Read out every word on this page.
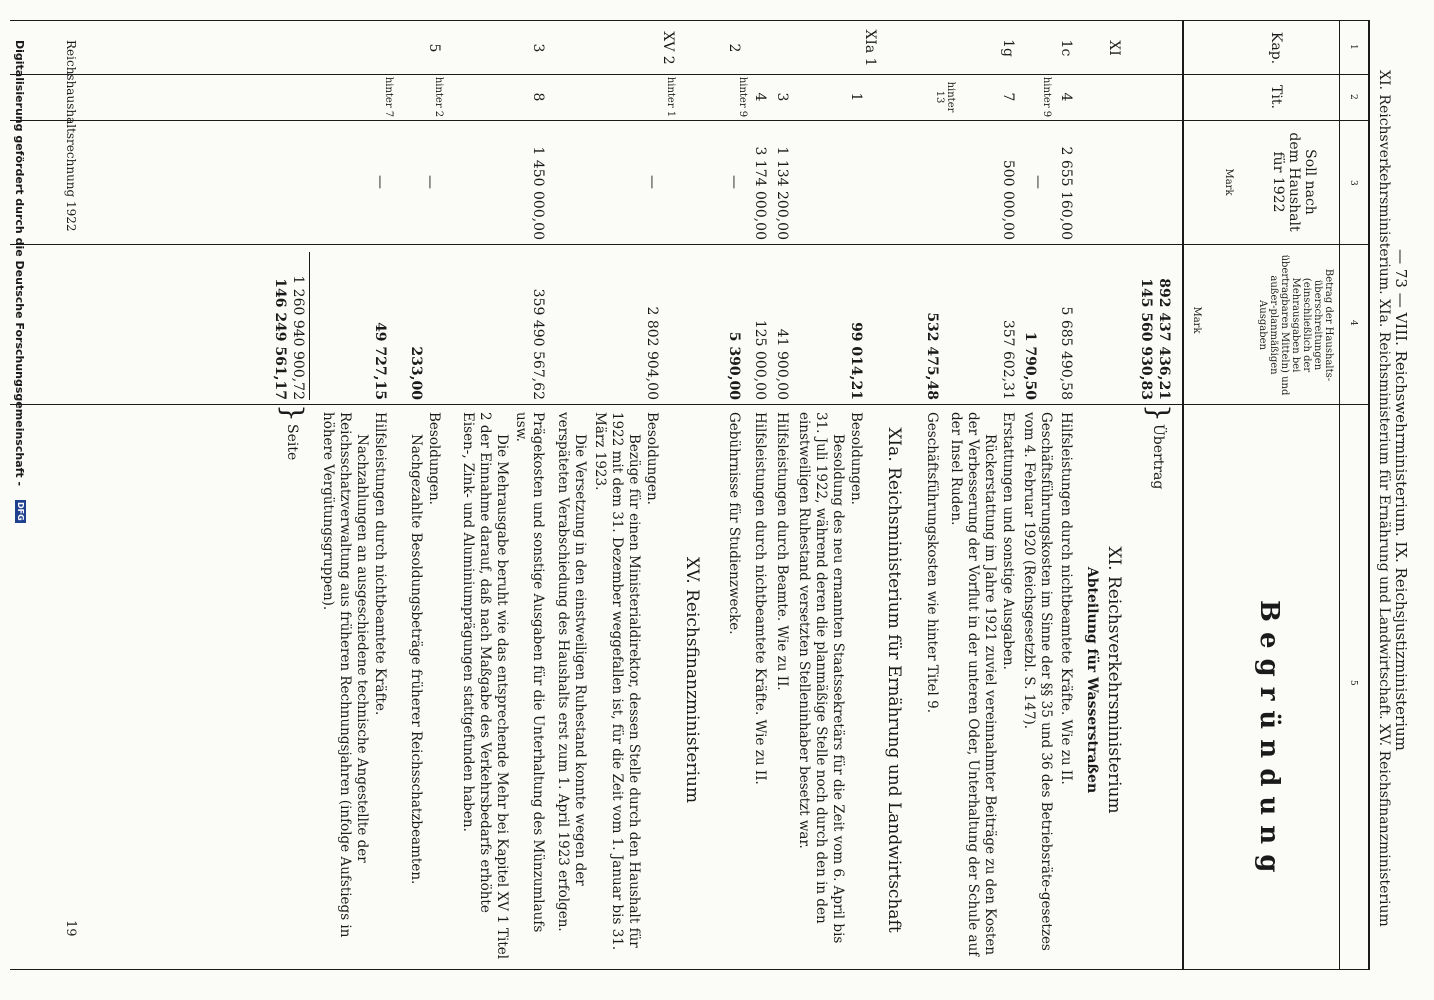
— 73 — VIII. Reichswehrministerium. IX. Reichsjustizministerium
XI. Reichsverkehrsministerium. XIa. Reichsministerium für Ernährung und Landwirtschaft. XV. Reichsfinanzministerium
1
2
3
4
5
Kap.
Tit.
Soll nach dem Haushalt für 1922
Mark
Betrag der Haushalts-überschreitungen (einschließlich der Mehrausgaben bei übertragbaren Mitteln) und außer-planmäßigen Ausgaben
Mark
Begründung
892 437 436,21
145 560 930,83
}
Übertrag
XI
XI. Reichsverkehrsministerium
Abteilung für Wasserstraßen
1c
4
2 655 160,00
5 685 490,58
Hilfsleistungen durch nichtbeamtete Kräfte. Wie zu II.
hinter 9
—
1 790,50
Geschäftsführungskosten im Sinne der §§ 35 und 36 des Betriebsräte-gesetzes vom 4. Februar 1920 (Reichsgesetzbl. S. 147).
1g
7
500 000,00
357 602,31
Erstattungen und sonstige Ausgaben.
Rückerstattung im Jahre 1921 zuviel vereinnahmter Beiträge zu den Kosten der Verbesserung der Vorflut in der unteren Oder, Unterhaltung der Schule auf der Insel Ruden.
hinter 13
532 475,48
Geschäftsführungskosten wie hinter Titel 9.
XIa. Reichsministerium für Ernährung und Landwirtschaft
XIa 1
1
99 014,21
Besoldungen.
Besoldung des neu ernannten Staatssekretärs für die Zeit vom 6. April bis 31. Juli 1922, während deren die planmäßige Stelle noch durch den in den einstweiligen Ruhestand versetzten Stelleninhaber besetzt war.
3
1 134 200,00
41 900,00
Hilfsleistungen durch Beamte. Wie zu II.
4
3 174 000,00
125 000,00
Hilfsleistungen durch nichtbeamtete Kräfte. Wie zu II.
2
hinter 9
—
5 390,00
Gebührnisse für Studienzwecke.
XV. Reichsfinanzministerium
XV 2
hinter 1
—
2 802 904,00
Besoldungen.
Bezüge für einen Ministerialdirektor, dessen Stelle durch den Haushalt für 1922 mit dem 31. Dezember weggefallen ist, für die Zeit vom 1. Januar bis 31. März 1923.
Die Versetzung in den einstweiligen Ruhestand konnte wegen der verspäteten Verabschiedung des Haushalts erst zum 1. April 1923 erfolgen.
3
8
1 450 000,00
359 490 567,62
Prägekosten und sonstige Ausgaben für die Unterhaltung des Münzumlaufs usw.
Die Mehrausgabe beruht wie das entsprechende Mehr bei Kapitel XV 1 Titel 2 der Einnahme darauf, daß nach Maßgabe des Verkehrsbedarfs erhöhte Eisen-, Zink- und Aluminiumprägungen stattgefunden haben.
5
hinter 2
—
233,00
Besoldungen.
Nachgezahlte Besoldungsbeträge früherer Reichsschatzbeamten.
hinter 7
—
49 727,15
Hilfsleistungen durch nichtbeamtete Kräfte.
Nachzahlungen an ausgeschiedene technische Angestellte der Reichsschatzverwaltung aus früheren Rechnungsjahren (infolge Aufstiegs in höhere Vergütungsgruppen).
1 260 940 900,72
146 249 561,17
}
Seite
Reichshaushaltsrechnung 1922
19
Digitalisierung gefördert durch die Deutsche Forschungsgemeinschaft -
DFG
